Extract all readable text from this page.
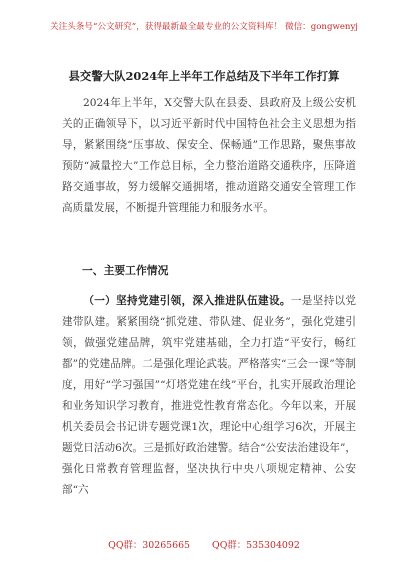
关注头条号“公文研究”，获得最新最全最专业的公文资料库！ 微信：gongwenyj
县交警大队2024年上半年工作总结及下半年工作打算

2024年上半年，X交警大队在县委、县政府及上级公安机关的正确领导下，以习近平新时代中国特色社会主义思想为指导，紧紧围绕“压事故、保安全、保畅通”工作思路，聚焦事故预防“减量控大”工作总目标，全力整治道路交通秩序，压降道路交通事故，努力缓解交通拥堵，推动道路交通安全管理工作高质量发展，不断提升管理能力和服务水平。

一、主要工作情况

（一）坚持党建引领，深入推进队伍建设。一是坚持以党建带队建。紧紧围绕“抓党建、带队建、促业务”，强化党建引领，做强党建品牌，筑牢党建基础，全力打造“平安行，畅红都”的党建品牌。二是强化理论武装。严格落实“三会一课”等制度，用好“学习强国”“灯塔党建在线”平台，扎实开展政治理论和业务知识学习教育，推进党性教育常态化。今年以来，开展机关委员会书记讲专题党课1次，理论中心组学习6次，开展主题党日活动6次。三是抓好政治建警。结合“公安法治建设年”，强化日常教育管理监督，坚决执行中央八项规定精神、公安部“六

QQ群：30265665 QQ群：535304092
